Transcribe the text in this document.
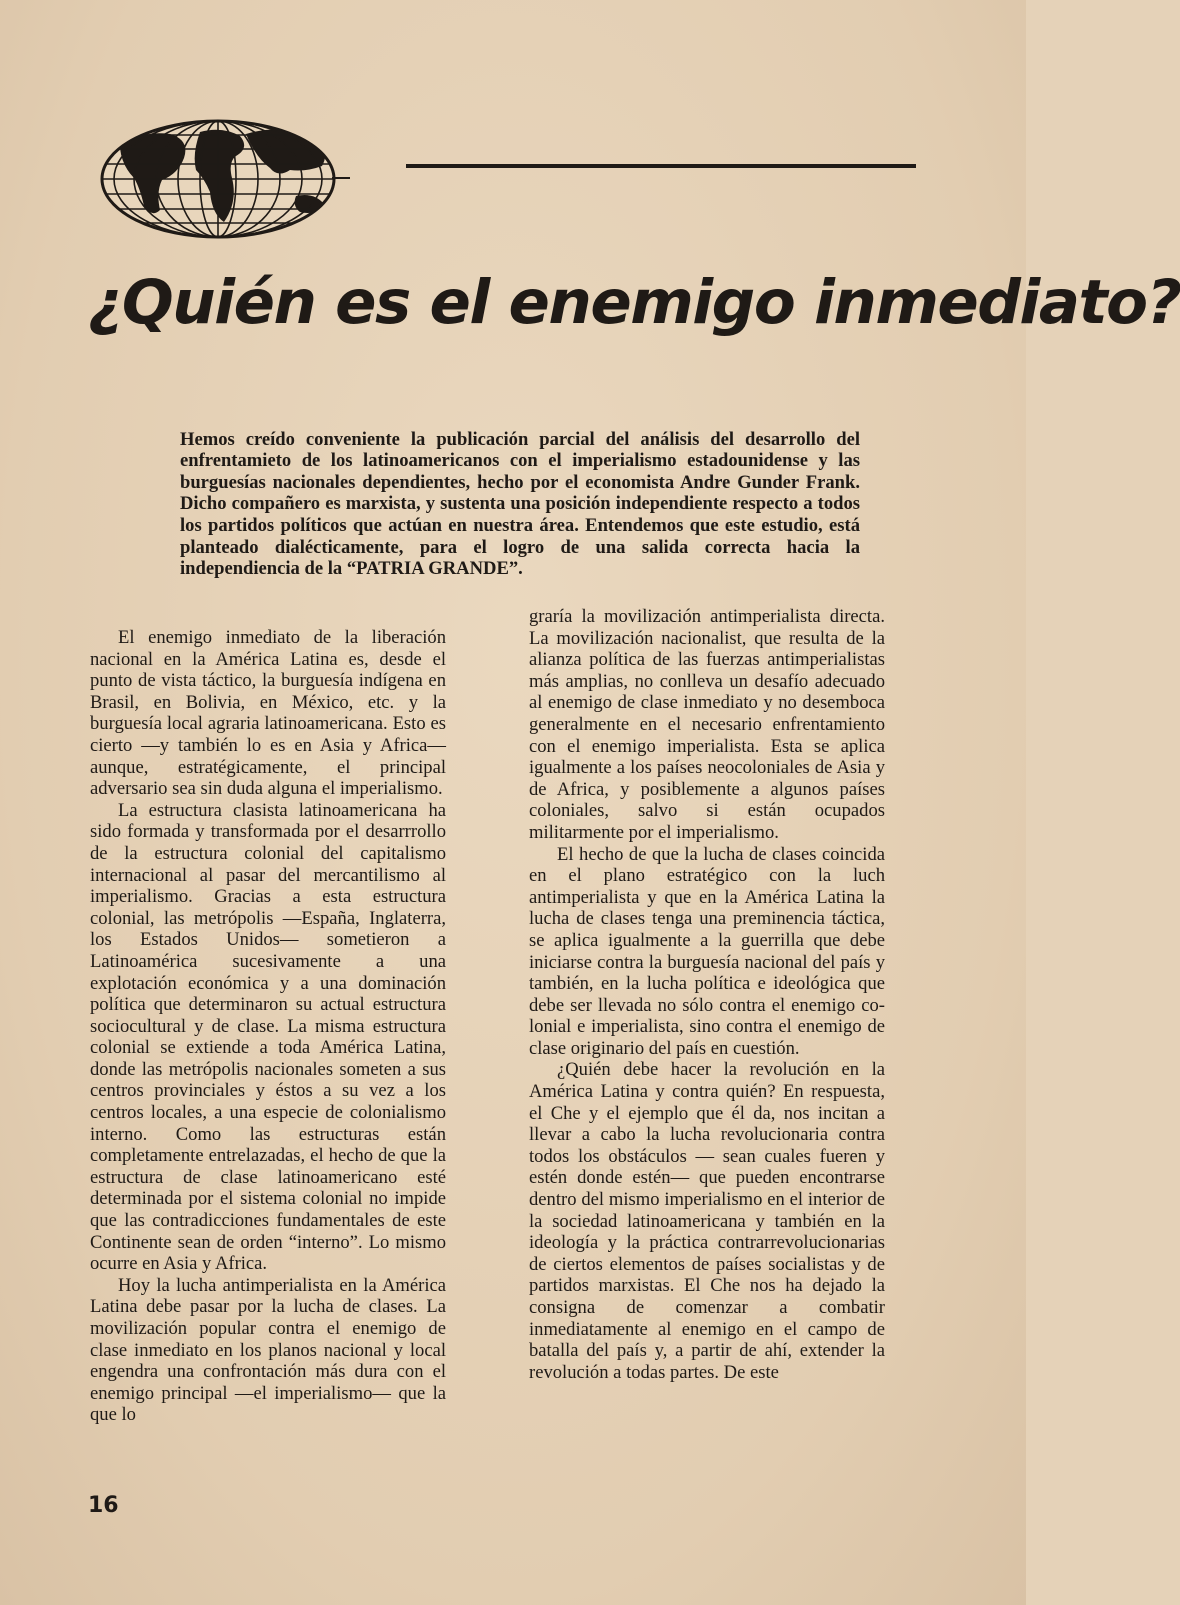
¿Quién es el enemigo inmediato?

Hemos creído conveniente la publicación parcial del análisis del desarrollo del enfrentamieto de los latinoamericanos con el imperialismo estadounidense y las burguesías nacionales dependientes, hecho por el economista Andre Gunder Frank. Dicho compañero es marxista, y sustenta una posición independiente respecto a todos los partidos políticos que actúan en nuestra área. Entendemos que este estudio, está planteado dialécticamente, para el logro de una salida correcta hacia la independiencia de la “PATRIA GRANDE”.

El enemigo inmediato de la liberación nacional en la América Latina es, desde el punto de vista táctico, la burguesía indígena en Brasil, en Bolivia, en México, etc. y la burguesía local agraria latinoamericana. Esto es cierto —y también lo es en Asia y Africa— aunque, estratégicamente, el principal adversario sea sin duda alguna el imperialismo.

La estructura clasista latinoamericana ha sido formada y transformada por el desarrrollo de la estructura colonial del capitalismo internacional al pasar del mercantilismo al imperialismo. Gracias a esta estructura colonial, las metrópolis —España, Inglaterra, los Estados Unidos— sometieron a Latinoamérica sucesivamente a una explotación económica y a una dominación política que determinaron su actual estructura sociocultural y de clase. La misma estructura colonial se extiende a toda América Latina, donde las metrópolis nacionales someten a sus centros provinciales y éstos a su vez a los centros locales, a una especie de colonialismo interno. Como las estructuras están completamente entrelazadas, el hecho de que la estructura de clase latinoamericano esté determinada por el sistema colonial no impide que las contradicciones fundamentales de este Continente sean de orden “interno”. Lo mismo ocurre en Asia y Africa.

Hoy la lucha antimperialista en la América Latina debe pasar por la lucha de clases. La movilización popular contra el enemigo de clase inmediato en los planos nacional y local engendra una confrontación más dura con el enemigo principal —el imperialismo— que la que lo

graría la movilización antimperialista directa. La movilización nacionalist, que resulta de la alianza política de las fuerzas antimperialistas más amplias, no conlleva un desafío adecuado al enemigo de clase inmediato y no desemboca generalmente en el necesario enfrentamiento con el enemigo imperialista. Esta se aplica igualmente a los países neocoloniales de Asia y de Africa, y posiblemente a algunos países coloniales, salvo si están ocupados militarmente por el imperialismo.

El hecho de que la lucha de clases coincida en el plano estratégico con la luch antimperialista y que en la América Latina la lucha de clases tenga una preminencia táctica, se aplica igualmente a la guerrilla que debe iniciarse contra la burguesía nacional del país y también, en la lucha política e ideológica que debe ser llevada no sólo contra el enemigo colonial e imperialista, sino contra el enemigo de clase originario del país en cuestión.

¿Quién debe hacer la revolución en la América Latina y contra quién? En respuesta, el Che y el ejemplo que él da, nos incitan a llevar a cabo la lucha revolucionaria contra todos los obstáculos — sean cuales fueren y estén donde estén— que pueden encontrarse dentro del mismo imperialismo en el interior de la sociedad latinoamericana y también en la ideología y la práctica contrarrevolucionarias de ciertos elementos de países socialistas y de partidos marxistas. El Che nos ha dejado la consigna de comenzar a combatir inmediatamente al enemigo en el campo de batalla del país y, a partir de ahí, extender la revolución a todas partes. De este

16
